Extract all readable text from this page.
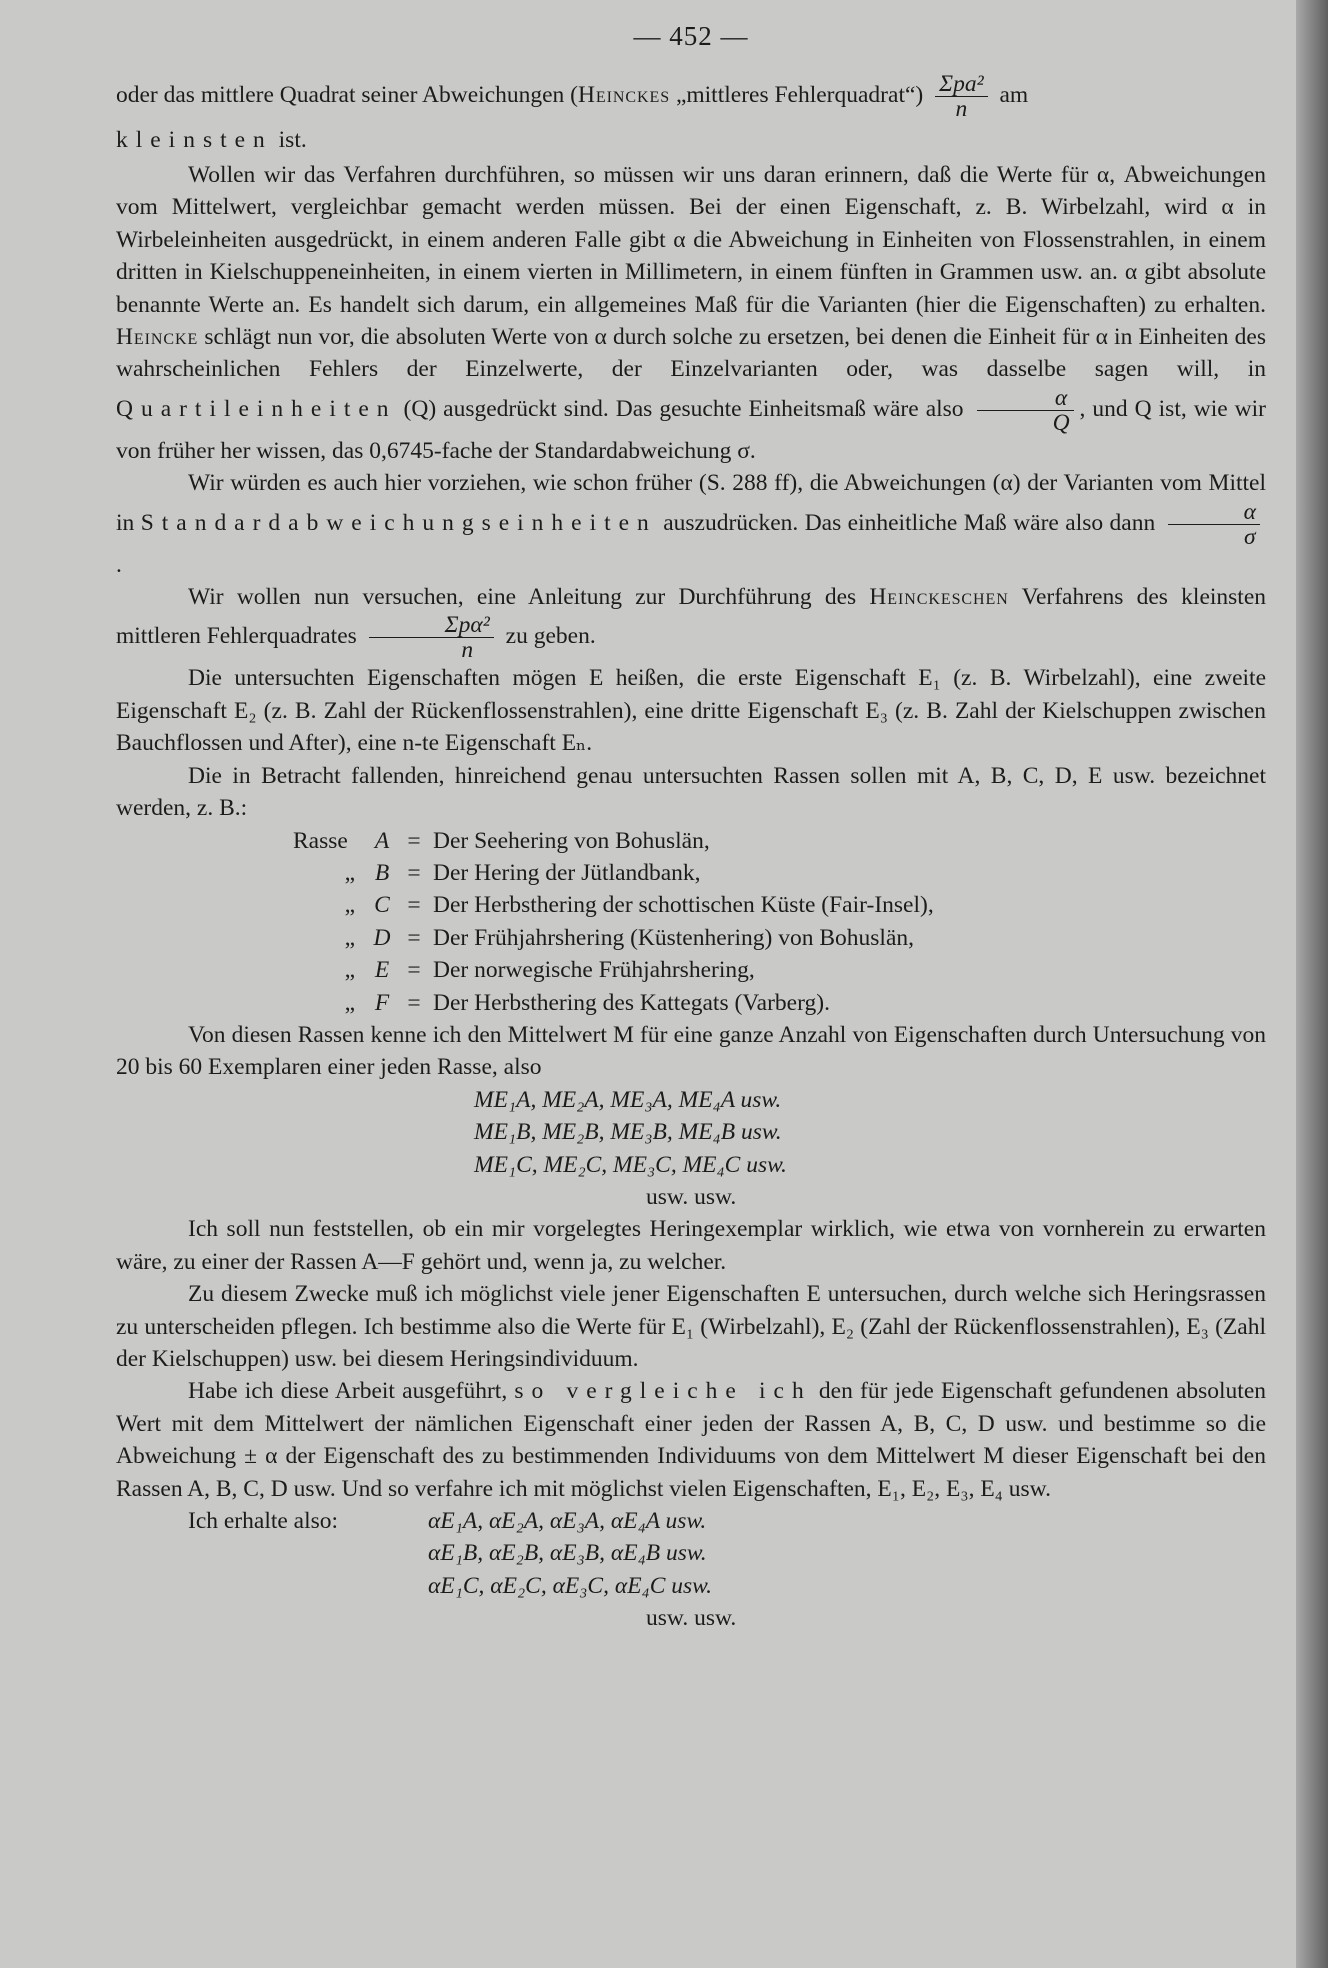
— 452 —

oder das mittlere Quadrat seiner Abweichungen (Heinckes „mittleres Fehlerquadrat“) $\frac{\text{Σpa²}}{n}$ am
kleinsten ist.

Wollen wir das Verfahren durchführen, so müssen wir uns daran erinnern, daß die Werte für α, Abweichungen vom Mittelwert, vergleichbar gemacht werden müssen. Bei der einen Eigenschaft, z. B. Wirbelzahl, wird α in Wirbeleinheiten ausgedrückt, in einem anderen Falle gibt α die Abweichung in Einheiten von Flossenstrahlen, in einem dritten in Kielschuppeneinheiten, in einem vierten in Millimetern, in einem fünften in Grammen usw. an. α gibt absolute benannte Werte an. Es handelt sich darum, ein allgemeines Maß für die Varianten (hier die Eigenschaften) zu erhalten. Heincke schlägt nun vor, die absoluten Werte von α durch solche zu ersetzen, bei denen die Einheit für α in Einheiten des wahrscheinlichen Fehlers der Einzelwerte, der Einzelvarianten oder, was dasselbe sagen will, in Quartileinheiten (Q) ausgedrückt sind. Das gesuchte Einheitsmaß wäre also $\frac{\alpha}{Q}$ , und Q ist, wie wir von früher her wissen, das 0,6745-fache der Standardabweichung σ.

Wir würden es auch hier vorziehen, wie schon früher (S. 288 ff), die Abweichungen (α) der Varianten vom Mittel in Standardabweichungseinheiten auszudrücken. Das einheitliche Maß wäre also dann $\frac{\alpha}{\sigma}$
.

Wir wollen nun versuchen, eine Anleitung zur Durchführung des Heinckeschen Verfahrens des kleinsten mittleren Fehlerquadrates $\frac{\text{Σpα²}}{n}$ zu geben.

Die untersuchten Eigenschaften mögen E heißen, die erste Eigenschaft E₁ (z. B. Wirbelzahl), eine zweite Eigenschaft E₂ (z. B. Zahl der Rückenflossenstrahlen), eine dritte Eigenschaft E₃ (z. B. Zahl der Kielschuppen zwischen Bauchflossen und After), eine n-te Eigenschaft Eₙ.

Die in Betracht fallenden, hinreichend genau untersuchten Rassen sollen mit A, B, C, D, E usw. bezeichnet werden, z. B.:

Rasse	A = Der Seehering von Bohuslän,
„ B = Der Hering der Jütlandbank,
„ C = Der Herbsthering der schottischen Küste (Fair-Insel),
„ D = Der Frühjahrshering (Küstenhering) von Bohuslän,
„ E = Der norwegische Frühjahrshering,
„ F = Der Herbsthering des Kattegats (Varberg).

Von diesen Rassen kenne ich den Mittelwert M für eine ganze Anzahl von Eigenschaften durch Untersuchung von 20 bis 60 Exemplaren einer jeden Rasse, also

ME₁A, ME₂A, ME₃A, ME₄A usw.
ME₁B, ME₂B, ME₃B, ME₄B usw.
ME₁C, ME₂C, ME₃C, ME₄C usw.
usw. usw.

Ich soll nun feststellen, ob ein mir vorgelegtes Heringexemplar wirklich, wie etwa von vornherein zu erwarten wäre, zu einer der Rassen A—F gehört und, wenn ja, zu welcher.

Zu diesem Zwecke muß ich möglichst viele jener Eigenschaften E untersuchen, durch welche sich Heringsrassen zu unterscheiden pflegen. Ich bestimme also die Werte für E₁ (Wirbelzahl), E₂ (Zahl der Rückenflossenstrahlen), E₃ (Zahl der Kielschuppen) usw. bei diesem Heringsindividuum.

Habe ich diese Arbeit ausgeführt, so vergleiche ich den für jede Eigenschaft gefundenen absoluten Wert mit dem Mittelwert der nämlichen Eigenschaft einer jeden der Rassen A, B, C, D usw. und bestimme so die Abweichung ± α der Eigenschaft des zu bestimmenden Individuums von dem Mittelwert M dieser Eigenschaft bei den Rassen A, B, C, D usw. Und so verfahre ich mit möglichst vielen Eigenschaften, E₁, E₂, E₃, E₄ usw.

Ich erhalte also:	αE₁A, αE₂A, αE₃A, αE₄A usw.
αE₁B, αE₂B, αE₃B, αE₄B usw.
αE₁C, αE₂C, αE₃C, αE₄C usw.
usw. usw.
